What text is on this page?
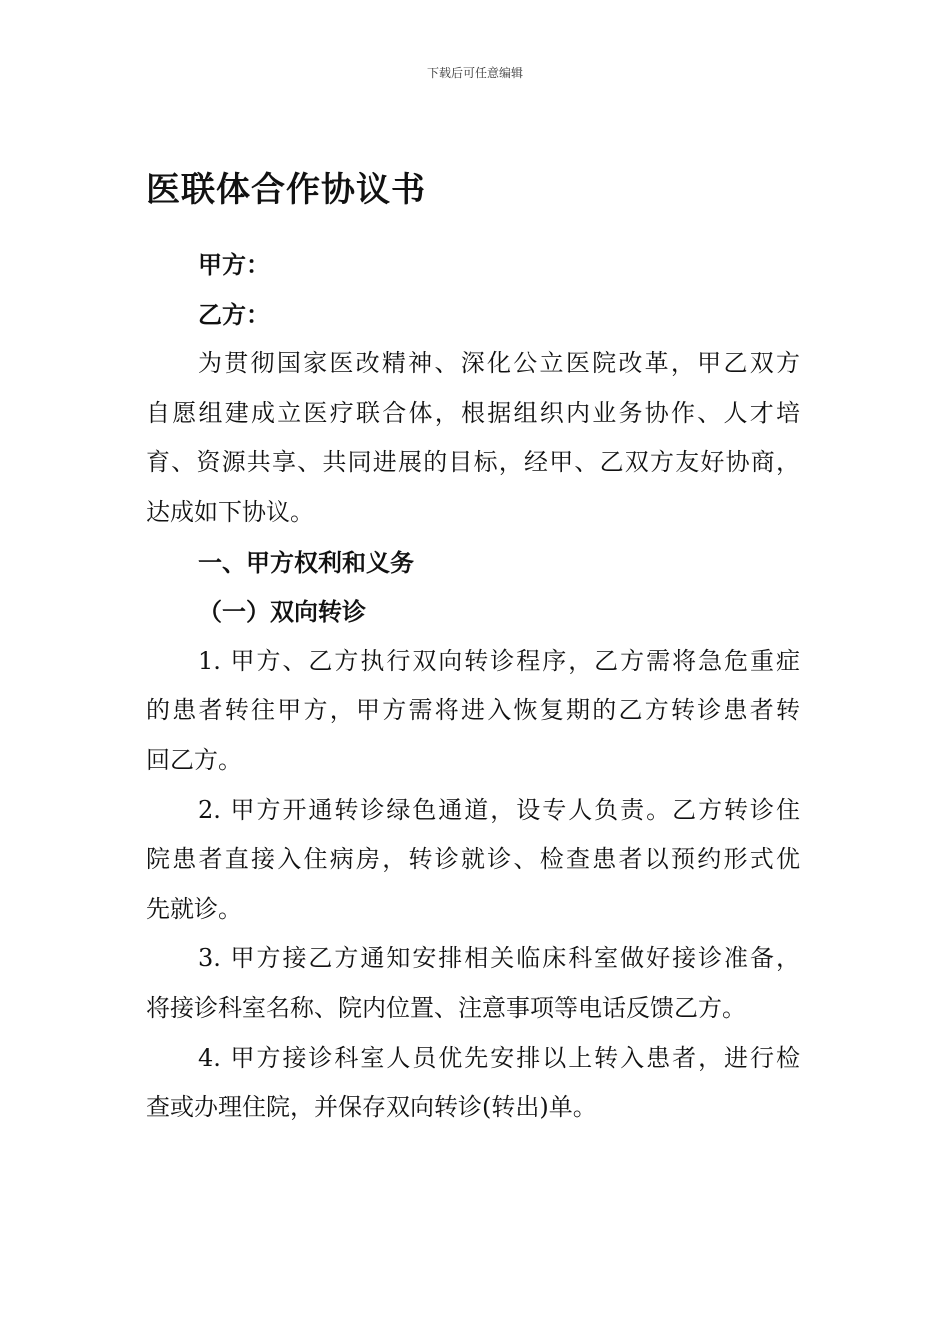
下载后可任意编辑
医联体合作协议书
甲方：
乙方：
为贯彻国家医改精神、深化公立医院改革，甲乙双方
自愿组建成立医疗联合体，根据组织内业务协作、人才培
育、资源共享、共同进展的目标，经甲、乙双方友好协商，
达成如下协议。
一、甲方权利和义务
（一）双向转诊
1. 甲方、乙方执行双向转诊程序，乙方需将急危重症
的患者转往甲方，甲方需将进入恢复期的乙方转诊患者转
回乙方。
2. 甲方开通转诊绿色通道，设专人负责。乙方转诊住
院患者直接入住病房，转诊就诊、检查患者以预约形式优
先就诊。
3. 甲方接乙方通知安排相关临床科室做好接诊准备，
将接诊科室名称、院内位置、注意事项等电话反馈乙方。
4. 甲方接诊科室人员优先安排以上转入患者，进行检
查或办理住院，并保存双向转诊(转出)单。
